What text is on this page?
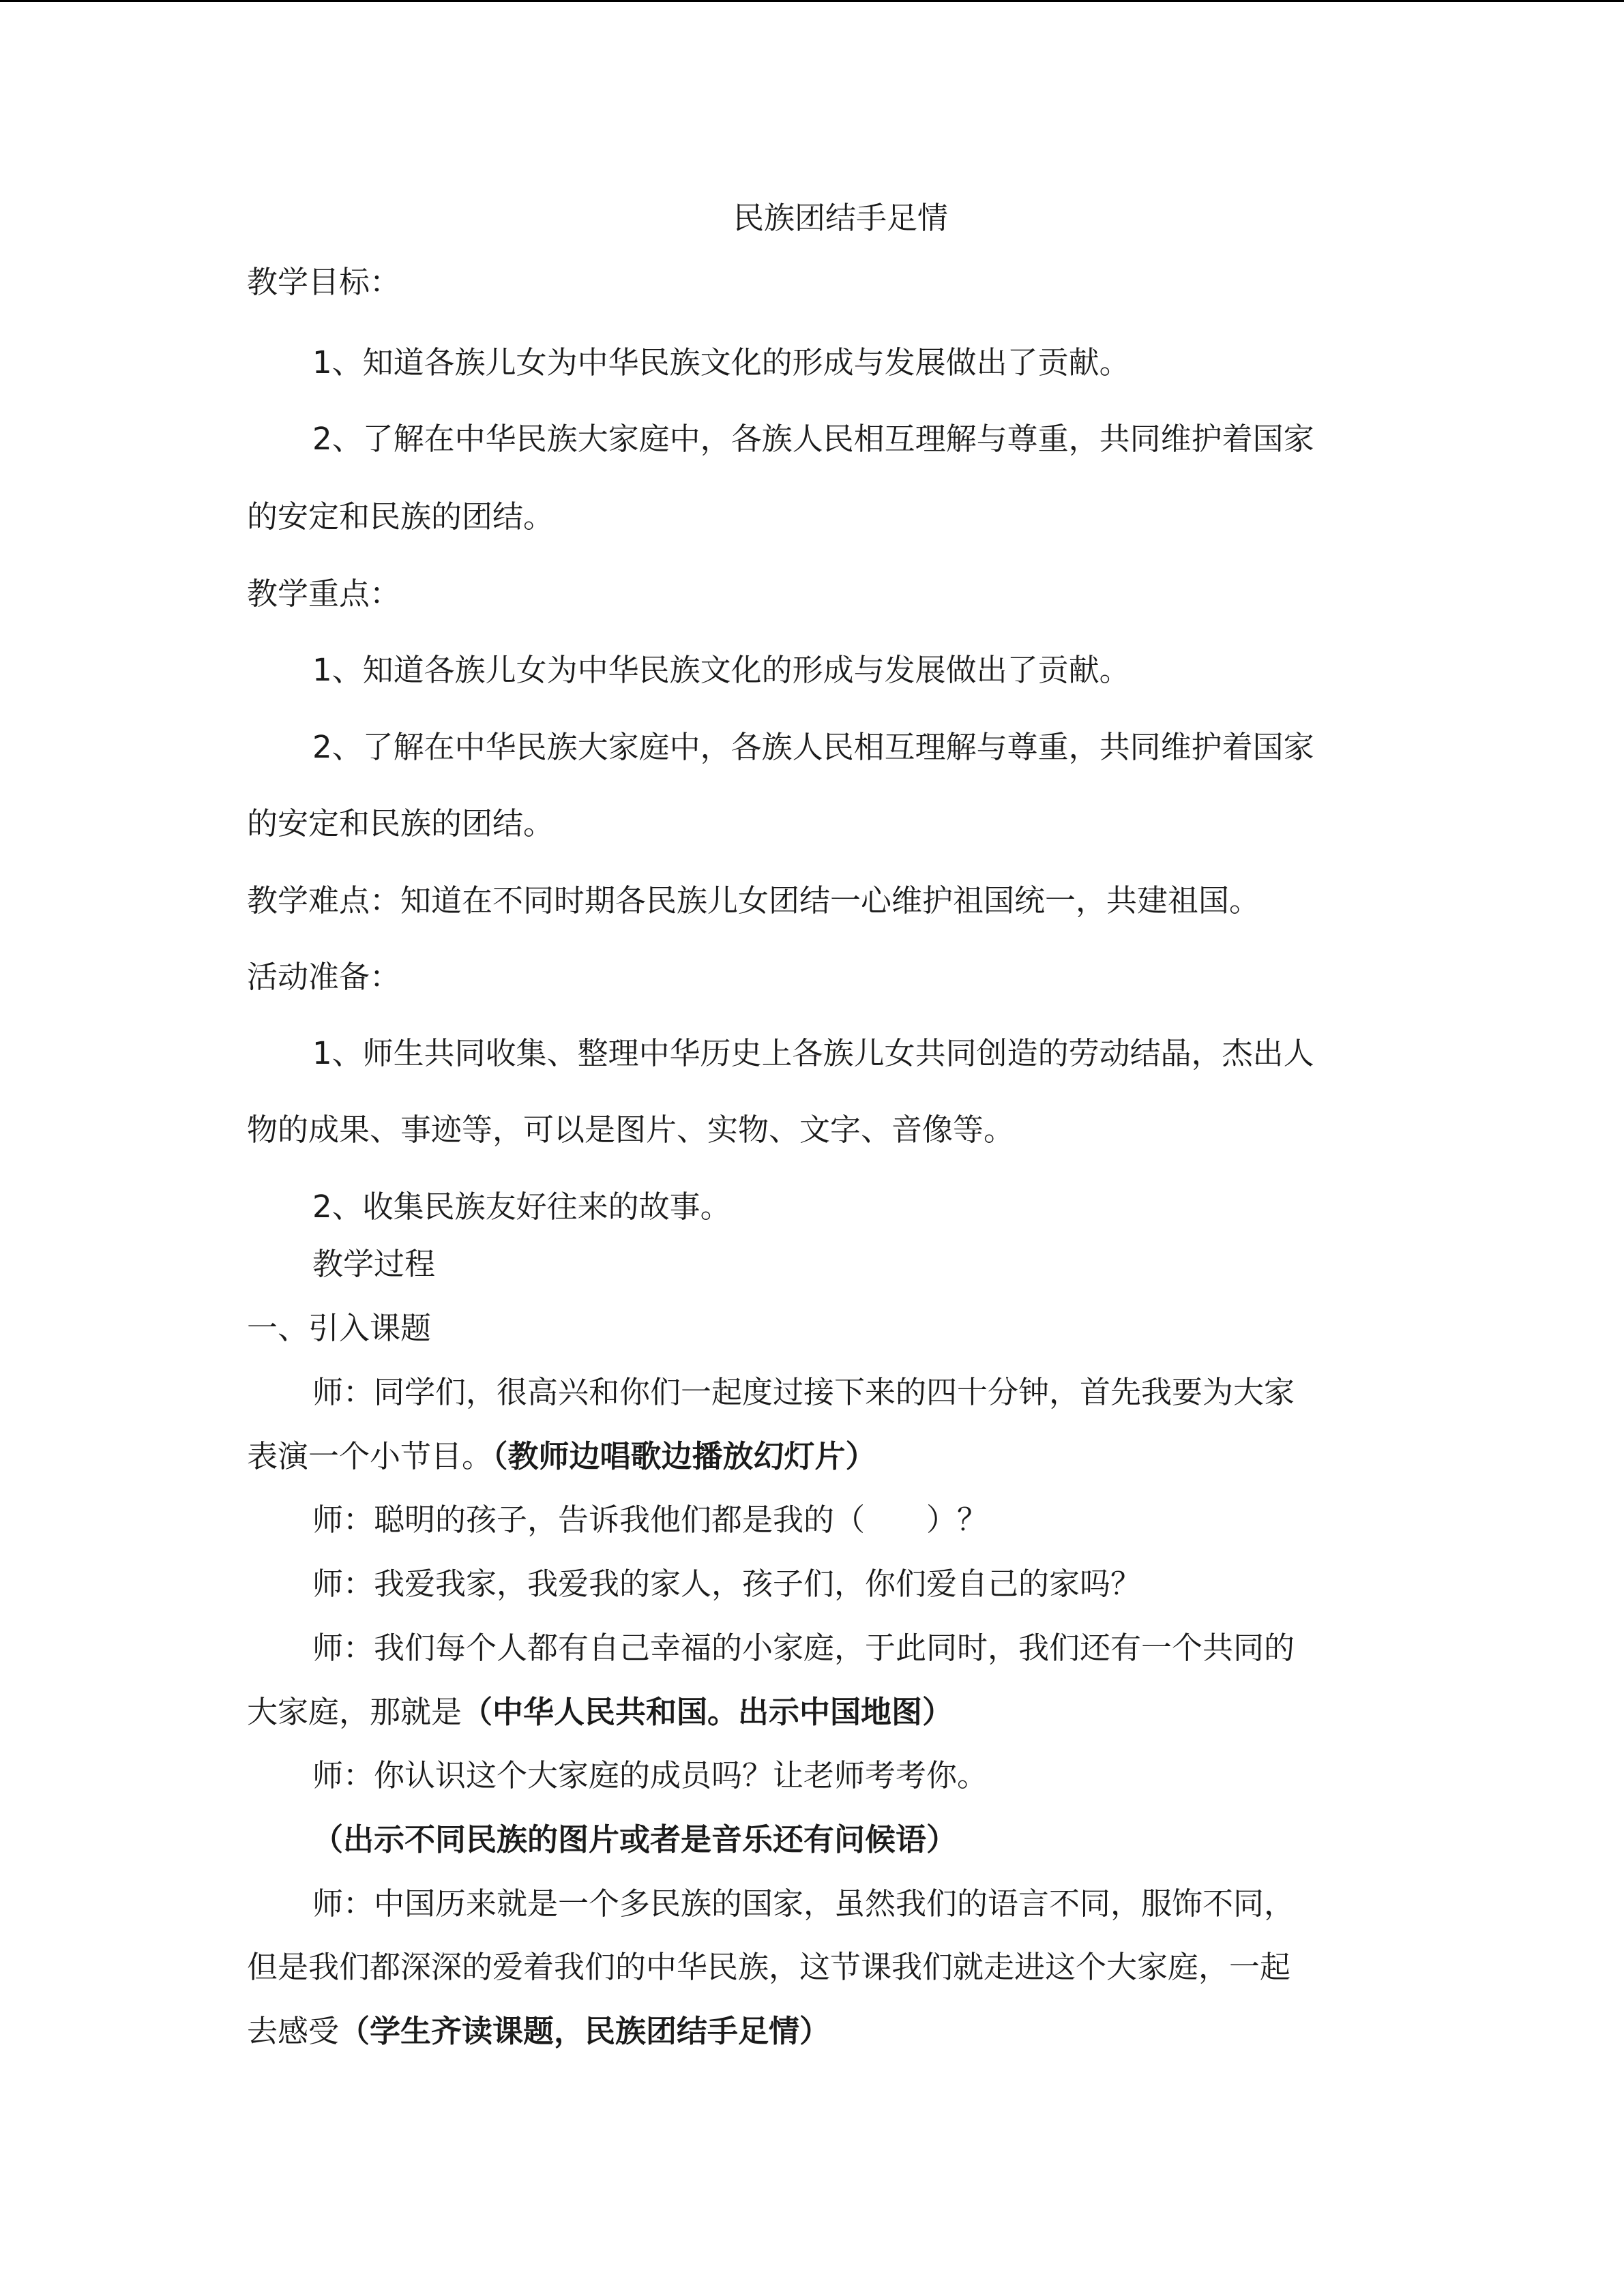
民族团结手足情
教学目标：
1、知道各族儿女为中华民族文化的形成与发展做出了贡献。
2、了解在中华民族大家庭中，各族人民相互理解与尊重，共同维护着国家
的安定和民族的团结。
教学重点：
1、知道各族儿女为中华民族文化的形成与发展做出了贡献。
2、了解在中华民族大家庭中，各族人民相互理解与尊重，共同维护着国家
的安定和民族的团结。
教学难点：知道在不同时期各民族儿女团结一心维护祖国统一，共建祖国。
活动准备：
1、师生共同收集、整理中华历史上各族儿女共同创造的劳动结晶，杰出人
物的成果、事迹等，可以是图片、实物、文字、音像等。
2、收集民族友好往来的故事。
教学过程
一、引入课题
师：同学们，很高兴和你们一起度过接下来的四十分钟，首先我要为大家
表演一个小节目。（教师边唱歌边播放幻灯片）
师：聪明的孩子，告诉我他们都是我的（　　）？
师：我爱我家，我爱我的家人，孩子们，你们爱自己的家吗？
师：我们每个人都有自己幸福的小家庭，于此同时，我们还有一个共同的
大家庭，那就是（中华人民共和国。出示中国地图）
师：你认识这个大家庭的成员吗？让老师考考你。
（出示不同民族的图片或者是音乐还有问候语）
师：中国历来就是一个多民族的国家，虽然我们的语言不同，服饰不同，
但是我们都深深的爱着我们的中华民族，这节课我们就走进这个大家庭，一起
去感受（学生齐读课题，民族团结手足情）
